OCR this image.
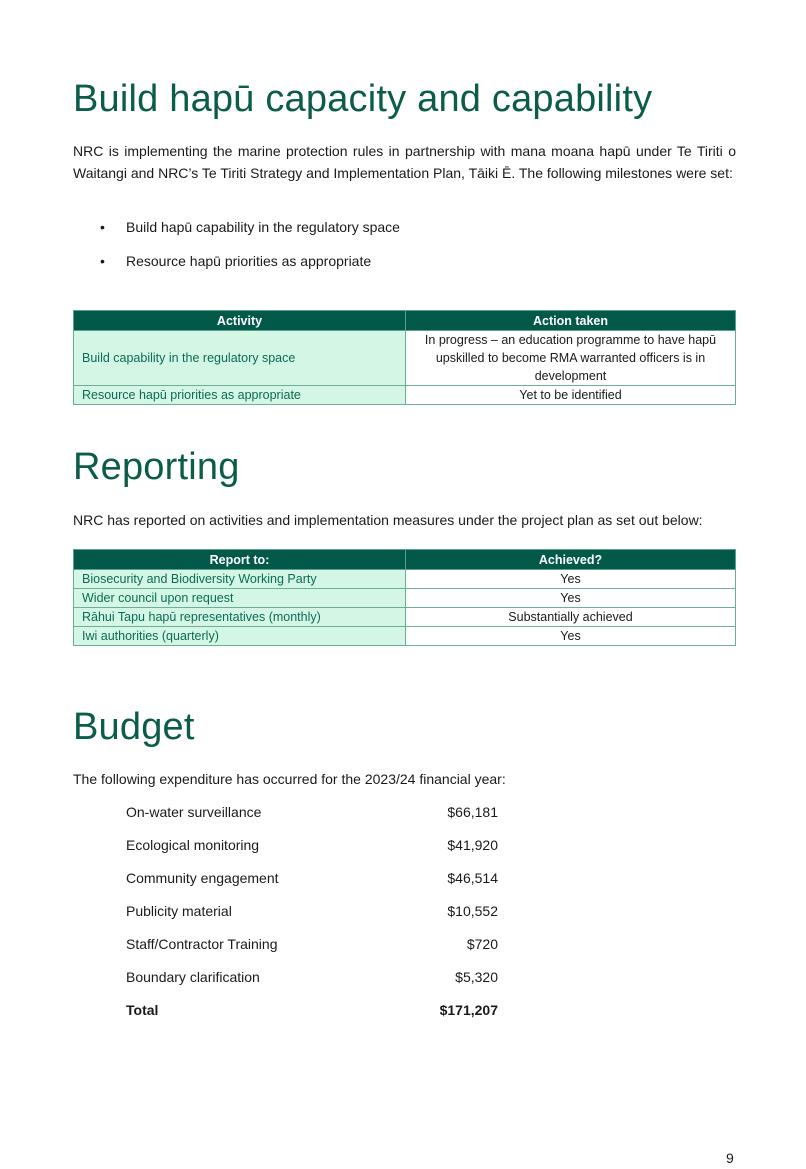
Build hapū capacity and capability

NRC is implementing the marine protection rules in partnership with mana moana hapū under Te Tiriti o Waitangi and NRC’s Te Tiriti Strategy and Implementation Plan, Tāiki Ē. The following milestones were set:

• Build hapū capability in the regulatory space
• Resource hapū priorities as appropriate
Activity	Action taken
Build capability in the regulatory space	In progress – an education programme to have hapū upskilled to become RMA warranted officers is in development
Resource hapū priorities as appropriate	Yet to be identified
Reporting

NRC has reported on activities and implementation measures under the project plan as set out below:

Report to:	Achieved?
Biosecurity and Biodiversity Working Party	Yes
Wider council upon request	Yes
Rāhui Tapu hapū representatives (monthly)	Substantially achieved
Iwi authorities (quarterly)	Yes
Budget

The following expenditure has occurred for the 2023/24 financial year:

On-water surveillance	$66,181
Ecological monitoring	$41,920
Community engagement	$46,514
Publicity material	$10,552
Staff/Contractor Training	$720
Boundary clarification	$5,320
Total	$171,207
9
